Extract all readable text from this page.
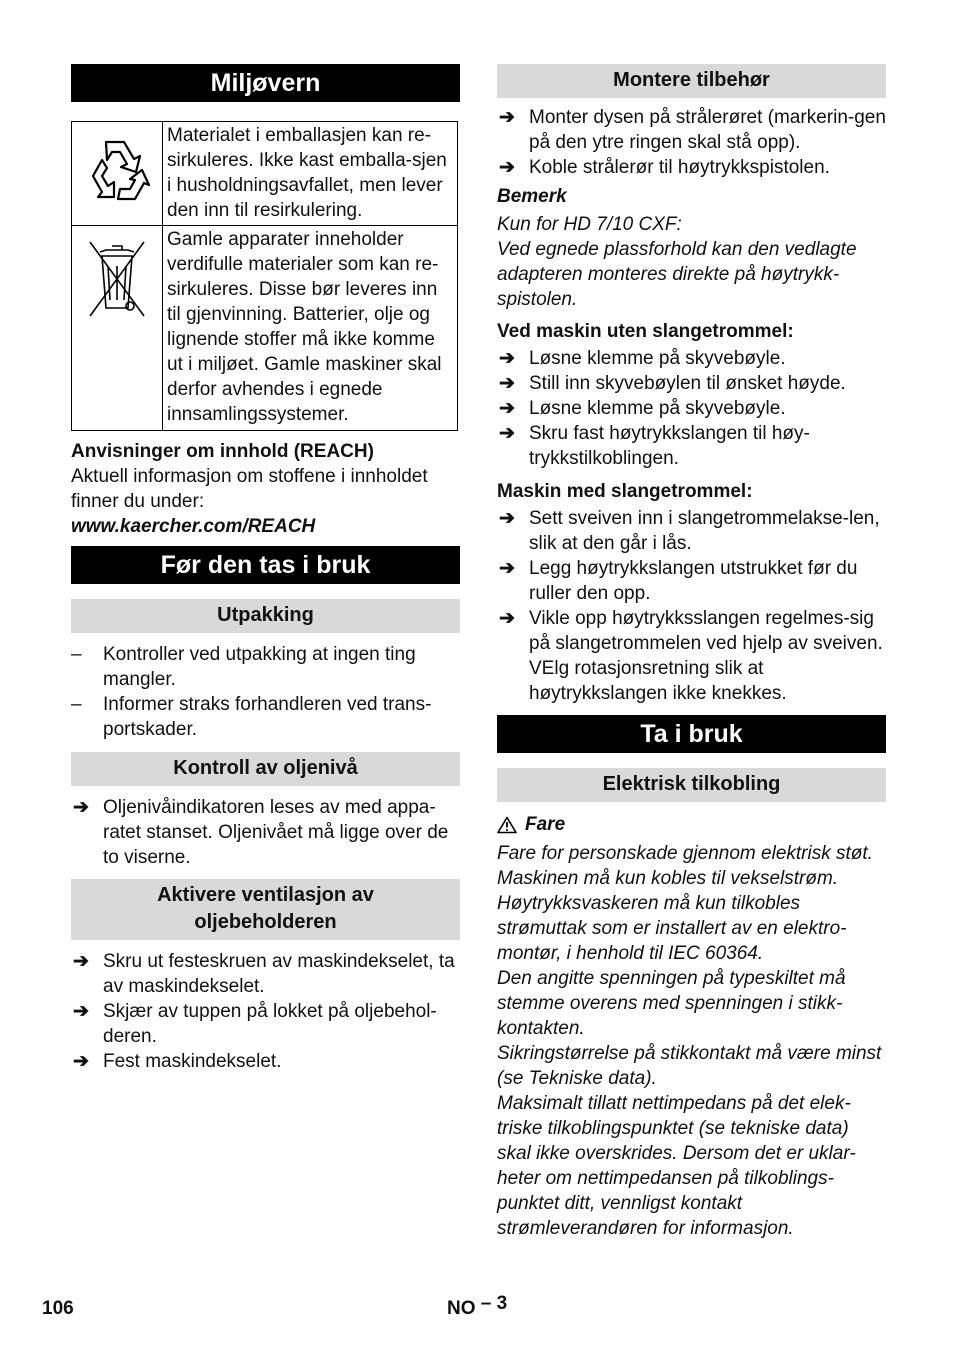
Miljøvern
	Materialet i emballasjen kan re-sirkuleres. Ikke kast emballa-sjen i husholdningsavfallet, men lever den inn til resirkulering.
	Gamle apparater inneholder verdifulle materialer som kan re-sirkuleres. Disse bør leveres inn til gjenvinning. Batterier, olje og lignende stoffer må ikke komme ut i miljøet. Gamle maskiner skal derfor avhendes i egnede innsamlingssystemer.
Anvisninger om innhold (REACH)
Aktuell informasjon om stoffene i innholdet finner du under:
www.kaercher.com/REACH
Før den tas i bruk
Utpakking
–	Kontroller ved utpakking at ingen ting mangler.
–	Informer straks forhandleren ved trans-portskader.
Kontroll av oljenivå
➔ Oljenivåindikatoren leses av med appa-ratet stanset. Oljenivået må ligge over de to viserne.
Aktivere ventilasjon av
oljebeholderen
➔ Skru ut festeskruen av maskindekselet, ta av maskindekselet.
➔ Skjær av tuppen på lokket på oljebehol-deren.
➔ Fest maskindekselet.
Montere tilbehør
➔ Monter dysen på strålerøret (markerin-gen på den ytre ringen skal stå opp).
➔ Koble strålerør til høytrykkspistolen.
Bemerk
Kun for HD 7/10 CXF:
Ved egnede plassforhold kan den vedlagte adapteren monteres direkte på høytrykk-spistolen.
Ved maskin uten slangetrommel:
➔ Løsne klemme på skyvebøyle.
➔ Still inn skyvebøylen til ønsket høyde.
➔ Løsne klemme på skyvebøyle.
➔ Skru fast høytrykkslangen til høy-trykkstilkoblingen.
Maskin med slangetrommel:
➔ Sett sveiven inn i slangetrommelakse-len, slik at den går i lås.
➔ Legg høytrykkslangen utstrukket før du ruller den opp.
➔ Vikle opp høytrykksslangen regelmes-sig på slangetrommelen ved hjelp av sveiven. VElg rotasjonsretning slik at høytrykkslangen ikke knekkes.
Ta i bruk
Elektrisk tilkobling
Fare
Fare for personskade gjennom elektrisk støt.
Maskinen må kun kobles til vekselstrøm.
Høytrykksvaskeren må kun tilkobles strømuttak som er installert av en elektro-montør, i henhold til IEC 60364.
Den angitte spenningen på typeskiltet må stemme overens med spenningen i stikk-kontakten.
Sikringstørrelse på stikkontakt må være minst (se Tekniske data).
Maksimalt tillatt nettimpedans på det elek-triske tilkoblingspunktet (se tekniske data) skal ikke overskrides. Dersom det er uklar-heter om nettimpedansen på tilkoblings-punktet ditt, vennligst kontakt strømleverandøren for informasjon.
106	NO – 3
